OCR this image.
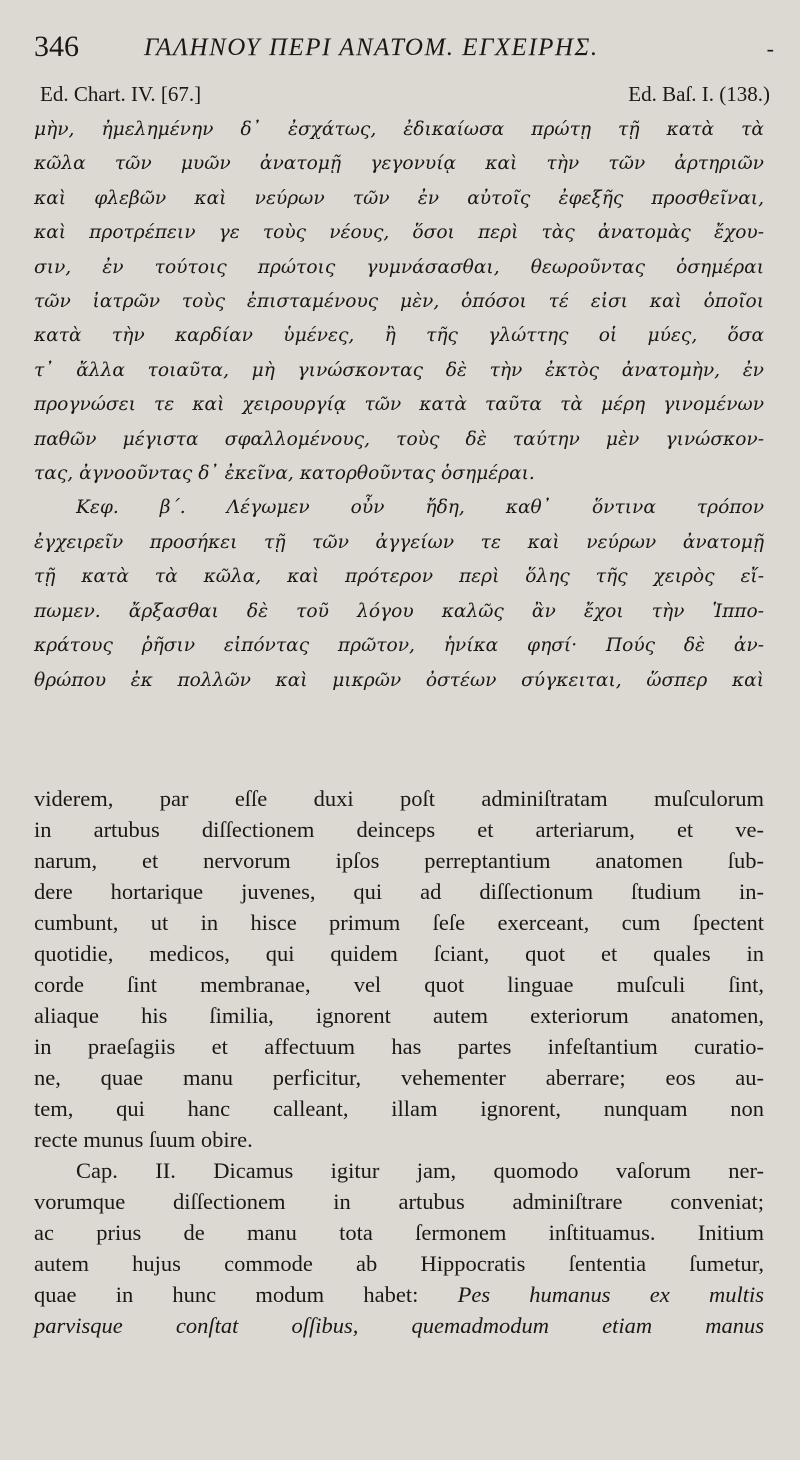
346	ΓΑΛΗΝΟΥ ΠΕΡΙ ΑΝΑΤΟΜ. ΕΓΧΕΙΡΗΣ.	-
Ed. Chart. IV. [67.]	Ed. Baſ. I. (138.)
μὴν, ἠμελημένην δ᾽ ἐσχάτως, ἐδικαίωσα πρώτῃ τῇ κατὰ τὰ
κῶλα τῶν μυῶν ἀνατομῇ γεγονυίᾳ καὶ τὴν τῶν ἀρτηριῶν
καὶ φλεβῶν καὶ νεύρων τῶν ἐν αὐτοῖς ἐφεξῆς προσθεῖναι,
καὶ προτρέπειν γε τοὺς νέους, ὅσοι περὶ τὰς ἀνατομὰς ἔχου-
σιν, ἐν τούτοις πρώτοις γυμνάσασθαι, θεωροῦντας ὁσημέραι
τῶν ἰατρῶν τοὺς ἐπισταμένους μὲν, ὁπόσοι τέ εἰσι καὶ ὁποῖοι
κατὰ τὴν καρδίαν ὑμένες, ἢ τῆς γλώττης οἱ μύες, ὅσα
τ᾽ ἄλλα τοιαῦτα, μὴ γινώσκοντας δὲ τὴν ἐκτὸς ἀνατομὴν, ἐν
προγνώσει τε καὶ χειρουργίᾳ τῶν κατὰ ταῦτα τὰ μέρη γινομένων
παθῶν μέγιστα σφαλλομένους, τοὺς δὲ ταύτην μὲν γινώσκον-
τας, ἀγνοοῦντας δ᾽ ἐκεῖνα, κατορθοῦντας ὁσημέραι.
Κεφ. β΄. Λέγωμεν οὖν ἤδη, καθ᾽ ὅντινα τρόπον
ἐγχειρεῖν προσήκει τῇ τῶν ἀγγείων τε καὶ νεύρων ἀνατομῇ
τῇ κατὰ τὰ κῶλα, καὶ πρότερον περὶ ὅλης τῆς χειρὸς εἴ-
πωμεν. ἄρξασθαι δὲ τοῦ λόγου καλῶς ἂν ἔχοι τὴν Ἱππο-
κράτους ῥῆσιν εἰπόντας πρῶτον, ἡνίκα φησί· Πούς δὲ ἀν-
θρώπου ἐκ πολλῶν καὶ μικρῶν ὀστέων σύγκειται, ὥσπερ καὶ
viderem, par eſſe duxi poſt adminiſtratam muſculorum
in artubus diſſectionem deinceps et arteriarum, et ve-
narum, et nervorum ipſos perreptantium anatomen ſub-
dere hortarique juvenes, qui ad diſſectionum ſtudium in-
cumbunt, ut in hisce primum ſeſe exerceant, cum ſpectent
quotidie, medicos, qui quidem ſciant, quot et quales in
corde ſint membranae, vel quot linguae muſculi ſint,
aliaque his ſimilia, ignorent autem exteriorum anatomen,
in praeſagiis et affectuum has partes infeſtantium curatio-
ne, quae manu perficitur, vehementer aberrare; eos au-
tem, qui hanc calleant, illam ignorent, nunquam non
recte munus ſuum obire.
Cap. II. Dicamus igitur jam, quomodo vaſorum ner-
vorumque diſſectionem in artubus adminiſtrare conveniat;
ac prius de manu tota ſermonem inſtituamus. Initium
autem hujus commode ab Hippocratis ſententia ſumetur,
quae in hunc modum habet: Pes humanus ex multis
parvisque conſtat oſſibus, quemadmodum etiam manus
